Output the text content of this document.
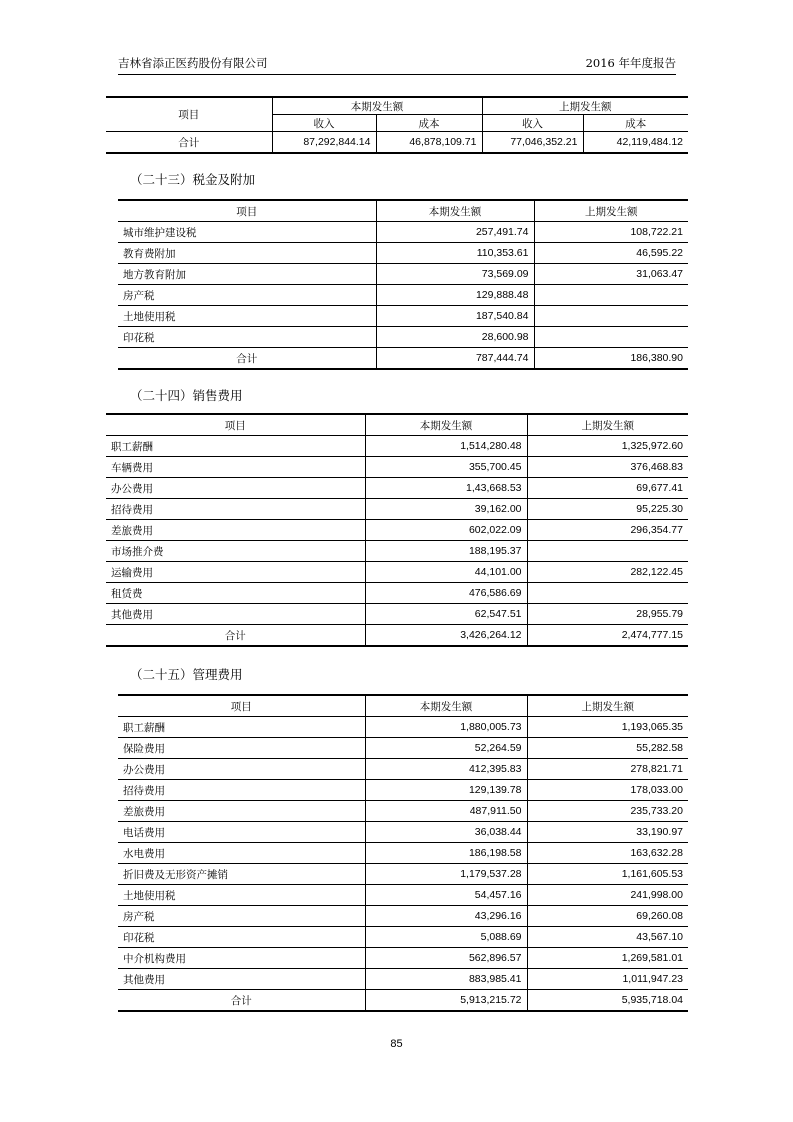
吉林省添正医药股份有限公司	2016 年年度报告
项目	本期发生额		上期发生额	
	收入	成本	收入	成本
合计	87,292,844.14	46,878,109.71	77,046,352.21	42,119,484.12
（二十三）税金及附加
项目	本期发生额	上期发生额
城市维护建设税	257,491.74	108,722.21
教育费附加	110,353.61	46,595.22
地方教育附加	73,569.09	31,063.47
房产税	129,888.48	
土地使用税	187,540.84	
印花税	28,600.98	
合计	787,444.74	186,380.90
（二十四）销售费用
项目	本期发生额	上期发生额
职工薪酬	1,514,280.48	1,325,972.60
车辆费用	355,700.45	376,468.83
办公费用	1,43,668.53	69,677.41
招待费用	39,162.00	95,225.30
差旅费用	602,022.09	296,354.77
市场推介费	188,195.37	
运输费用	44,101.00	282,122.45
租赁费	476,586.69	
其他费用	62,547.51	28,955.79
合计	3,426,264.12	2,474,777.15
（二十五）管理费用
项目	本期发生额	上期发生额
职工薪酬	1,880,005.73	1,193,065.35
保险费用	52,264.59	55,282.58
办公费用	412,395.83	278,821.71
招待费用	129,139.78	178,033.00
差旅费用	487,911.50	235,733.20
电话费用	36,038.44	33,190.97
水电费用	186,198.58	163,632.28
折旧费及无形资产摊销	1,179,537.28	1,161,605.53
土地使用税	54,457.16	241,998.00
房产税	43,296.16	69,260.08
印花税	5,088.69	43,567.10
中介机构费用	562,896.57	1,269,581.01
其他费用	883,985.41	1,011,947.23
合计	5,913,215.72	5,935,718.04
85
